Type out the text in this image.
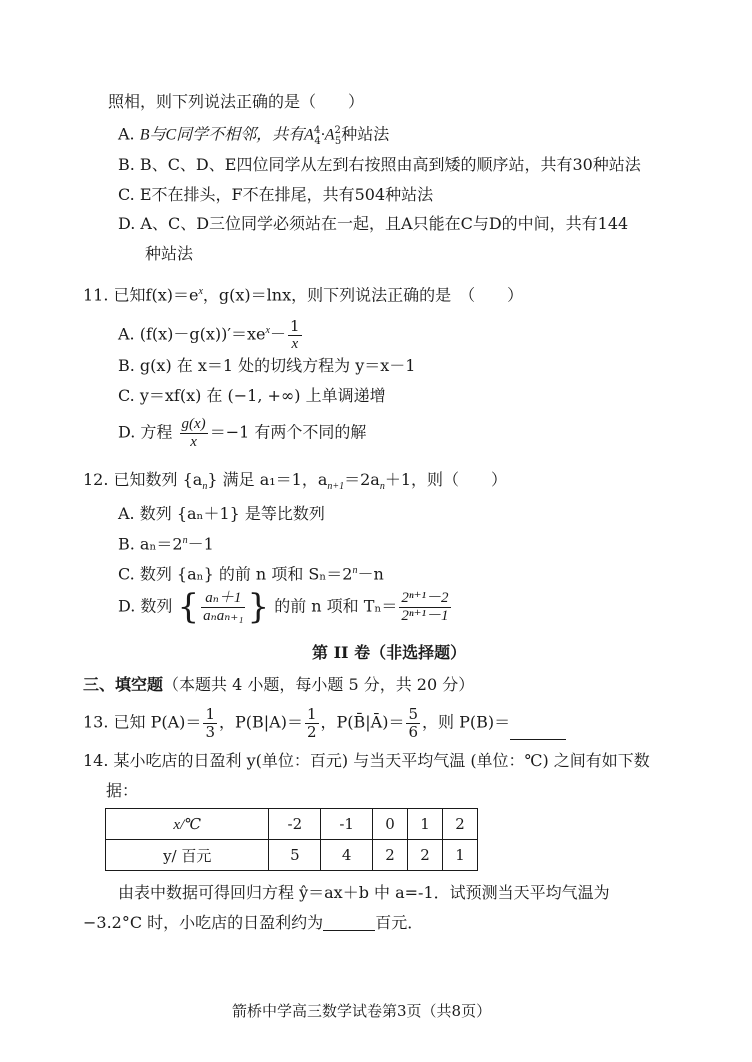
照相，则下列说法正确的是（　　）
A. B与C同学不相邻，共有$A^4_4\cdot A^2_5$种站法
B. B、C、D、E四位同学从左到右按照由高到矮的顺序站，共有30种站法
C. E不在排头，F不在排尾，共有504种站法
D. A、C、D三位同学必须站在一起，且A只能在C与D的中间，共有144
种站法
11. 已知$f(x)=e^x$，g(x)＝lnx，则下列说法正确的是　（　　）
A. $(f(x)-g(x))'=xe^x- \frac{1}{x}$
B. g(x) 在 x＝1 处的切线方程为 y＝x－1
C. y＝xf(x) 在 (−1, +∞) 上单调递增
D. 方程 $\frac{g(x)}{x} =-1$ 有两个不同的解
12. 已知数列 $\{a_n\}$ 满足 a₁＝1，$a_{n+1}=2a_n+1$，则（　　）
A. 数列 {aₙ＋1} 是等比数列
B. $a_n=2^n-1$
C. 数列 {aₙ} 的前 n 项和 $S_n=2^n-n$
D. 数列 { $\frac{\text{aₙ＋1}}{\text{aₙaₙ₊₁}}$ } 的前 n 项和 $T_n= \frac{\text{2ⁿ⁺¹－2}}{\text{2ⁿ⁺¹－1}}$
第 II 卷（非选择题）
三、填空题（本题共 4 小题，每小题 5 分，共 20 分）
13. 已知 $P(A)= \frac{1}{3}$ ，$P(B|A)= \frac{1}{2}$ ，P(B̄|Ā)＝ $\frac{5}{6}$ ，则 P(B)＝
14. 某小吃店的日盈利 y(单位：百元) 与当天平均气温 (单位：℃) 之间有如下数
据：
x/℃	-2	-1	0	1	2
y/ 百元	5	4	2	2	1
由表中数据可得回归方程 ŷ＝ax＋b 中 a=-1．试预测当天平均气温为
−3.2°C 时，小吃店的日盈利约为	百元．
箭桥中学高三数学试卷第3页（共8页）
